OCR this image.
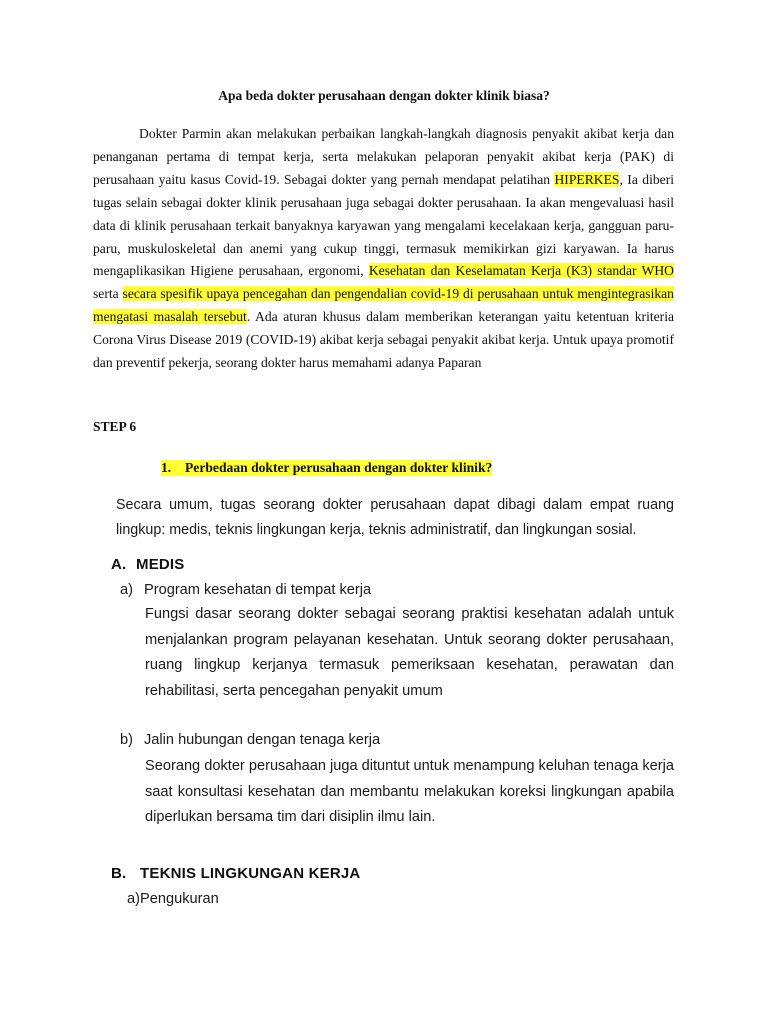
Apa beda dokter perusahaan dengan dokter klinik biasa?

Dokter Parmin akan melakukan perbaikan langkah-langkah diagnosis penyakit akibat kerja dan penanganan pertama di tempat kerja, serta melakukan pelaporan penyakit akibat kerja (PAK) di perusahaan yaitu kasus Covid-19. Sebagai dokter yang pernah mendapat pelatihan HIPERKES, Ia diberi tugas selain sebagai dokter klinik perusahaan juga sebagai dokter perusahaan. Ia akan mengevaluasi hasil data di klinik perusahaan terkait banyaknya karyawan yang mengalami kecelakaan kerja, gangguan paru-paru, muskuloskeletal dan anemi yang cukup tinggi, termasuk memikirkan gizi karyawan. Ia harus mengaplikasikan Higiene perusahaan, ergonomi, Kesehatan dan Keselamatan Kerja (K3) standar WHO serta secara spesifik upaya pencegahan dan pengendalian covid-19 di perusahaan untuk mengintegrasikan mengatasi masalah tersebut. Ada aturan khusus dalam memberikan keterangan yaitu ketentuan kriteria Corona Virus Disease 2019 (COVID-19) akibat kerja sebagai penyakit akibat kerja. Untuk upaya promotif dan preventif pekerja, seorang dokter harus memahami adanya Paparan

STEP 6
1. Perbedaan dokter perusahaan dengan dokter klinik?

Secara umum, tugas seorang dokter perusahaan dapat dibagi dalam empat ruang lingkup: medis, teknis lingkungan kerja, teknis administratif, dan lingkungan sosial.

A. MEDIS
a) Program kesehatan di tempat kerja

Fungsi dasar seorang dokter sebagai seorang praktisi kesehatan adalah untuk menjalankan program pelayanan kesehatan. Untuk seorang dokter perusahaan, ruang lingkup kerjanya termasuk pemeriksaan kesehatan, perawatan dan rehabilitasi, serta pencegahan penyakit umum

b) Jalin hubungan dengan tenaga kerja

Seorang dokter perusahaan juga dituntut untuk menampung keluhan tenaga kerja saat konsultasi kesehatan dan membantu melakukan koreksi lingkungan apabila diperlukan bersama tim dari disiplin ilmu lain.

B. TEKNIS LINGKUNGAN KERJA
a)Pengukuran
